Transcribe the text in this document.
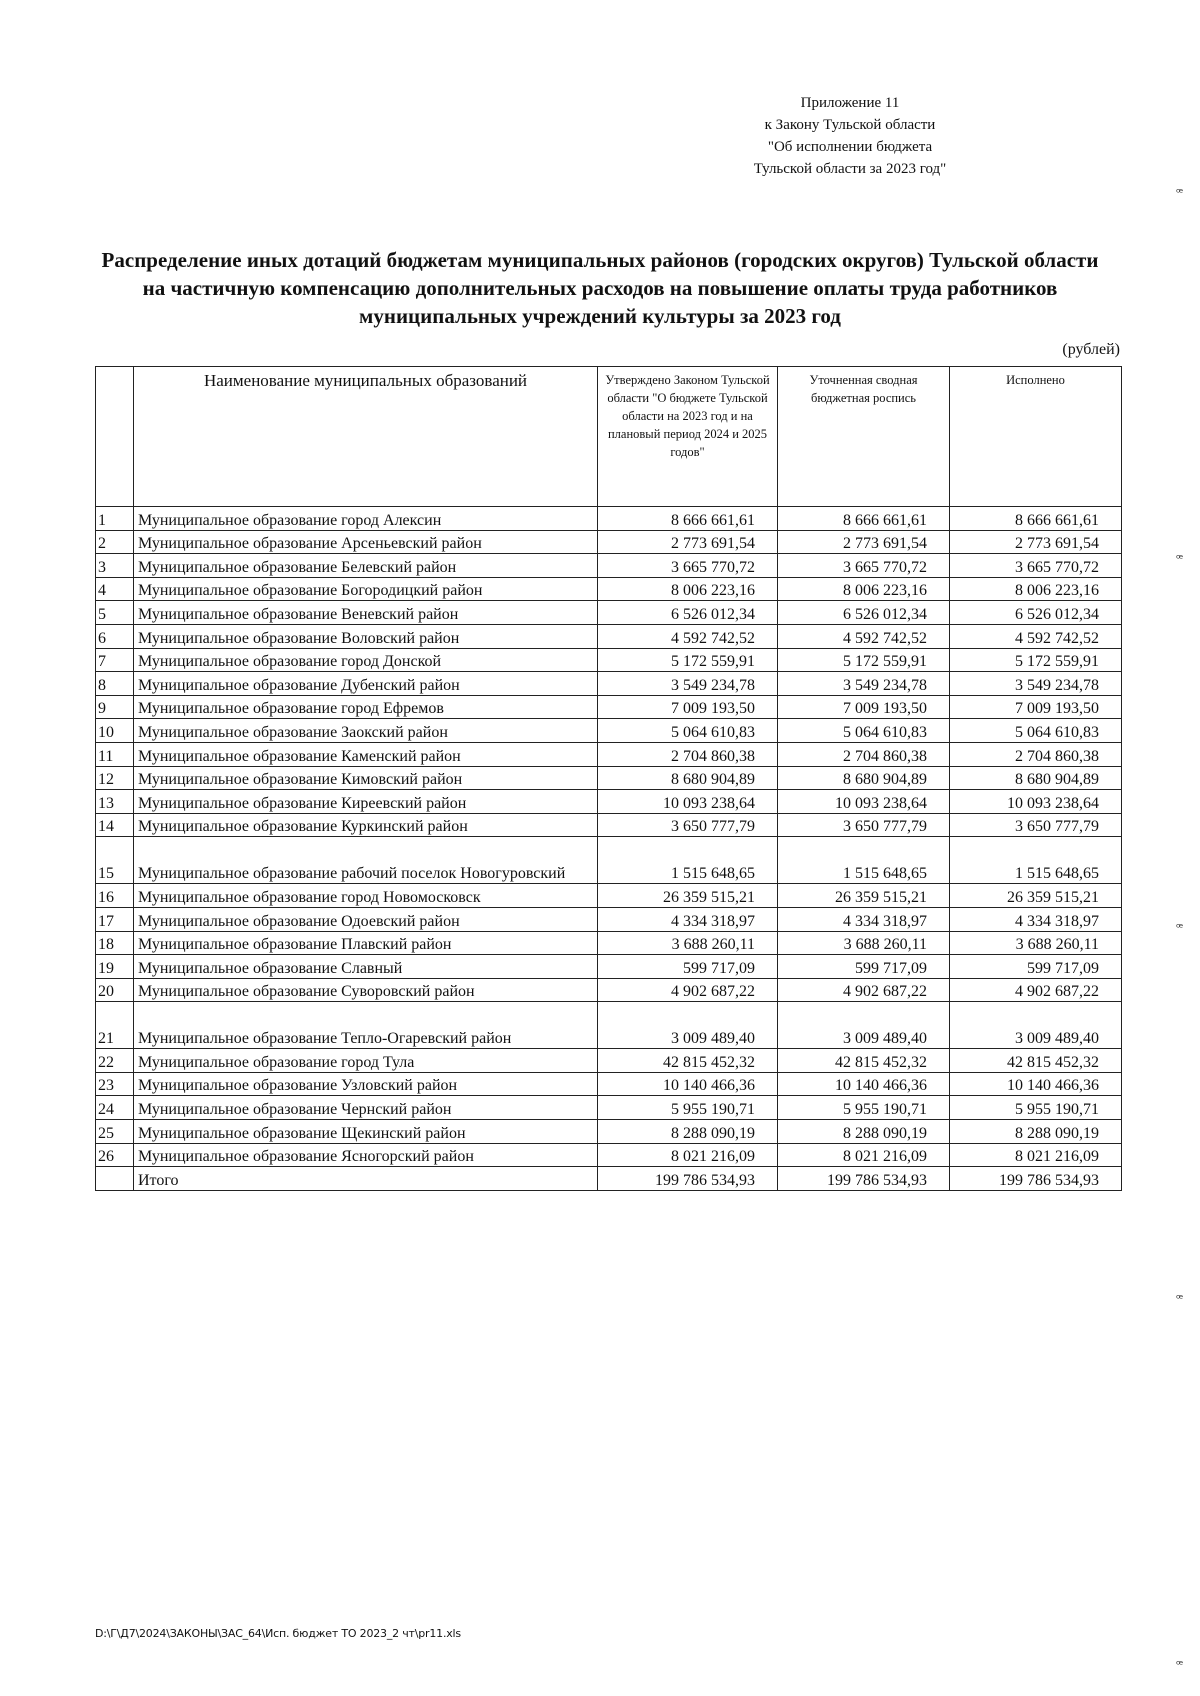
Приложение 11
к Закону Тульской области
"Об исполнении бюджета
Тульской области за 2023 год"
Распределение иных дотаций бюджетам муниципальных районов (городских округов) Тульской области
на частичную компенсацию дополнительных расходов на повышение оплаты труда работников
муниципальных учреждений культуры за 2023 год
(рублей)
	Наименование муниципальных образований	Утверждено Законом Тульской области "О бюджете Тульской области на 2023 год и на плановый период 2024 и 2025 годов"	Уточненная сводная бюджетная роспись	Исполнено
1	Муниципальное образование город Алексин	8 666 661,61	8 666 661,61	8 666 661,61
2	Муниципальное образование Арсеньевский район	2 773 691,54	2 773 691,54	2 773 691,54
3	Муниципальное образование Белевский район	3 665 770,72	3 665 770,72	3 665 770,72
4	Муниципальное образование Богородицкий район	8 006 223,16	8 006 223,16	8 006 223,16
5	Муниципальное образование Веневский район	6 526 012,34	6 526 012,34	6 526 012,34
6	Муниципальное образование Воловский район	4 592 742,52	4 592 742,52	4 592 742,52
7	Муниципальное образование город Донской	5 172 559,91	5 172 559,91	5 172 559,91
8	Муниципальное образование Дубенский район	3 549 234,78	3 549 234,78	3 549 234,78
9	Муниципальное образование город Ефремов	7 009 193,50	7 009 193,50	7 009 193,50
10	Муниципальное образование Заокский район	5 064 610,83	5 064 610,83	5 064 610,83
11	Муниципальное образование Каменский район	2 704 860,38	2 704 860,38	2 704 860,38
12	Муниципальное образование Кимовский район	8 680 904,89	8 680 904,89	8 680 904,89
13	Муниципальное образование Киреевский район	10 093 238,64	10 093 238,64	10 093 238,64
14	Муниципальное образование Куркинский район	3 650 777,79	3 650 777,79	3 650 777,79
15	Муниципальное образование рабочий поселок Новогуровский	1 515 648,65	1 515 648,65	1 515 648,65
16	Муниципальное образование город Новомосковск	26 359 515,21	26 359 515,21	26 359 515,21
17	Муниципальное образование Одоевский район	4 334 318,97	4 334 318,97	4 334 318,97
18	Муниципальное образование Плавский район	3 688 260,11	3 688 260,11	3 688 260,11
19	Муниципальное образование Славный	599 717,09	599 717,09	599 717,09
20	Муниципальное образование Суворовский район	4 902 687,22	4 902 687,22	4 902 687,22
21	Муниципальное образование Тепло-Огаревский район	3 009 489,40	3 009 489,40	3 009 489,40
22	Муниципальное образование город Тула	42 815 452,32	42 815 452,32	42 815 452,32
23	Муниципальное образование Узловский район	10 140 466,36	10 140 466,36	10 140 466,36
24	Муниципальное образование Чернский район	5 955 190,71	5 955 190,71	5 955 190,71
25	Муниципальное образование Щекинский район	8 288 090,19	8 288 090,19	8 288 090,19
26	Муниципальное образование Ясногорский район	8 021 216,09	8 021 216,09	8 021 216,09
	Итого	199 786 534,93	199 786 534,93	199 786 534,93
D:\Г\Д7\2024\ЗАКОНЫ\ЗАС_64\Исп. бюджет ТО 2023_2 чт\pr11.xls
ꟹ
ꟹ
ꟹ
ꟹ
ꟹ
